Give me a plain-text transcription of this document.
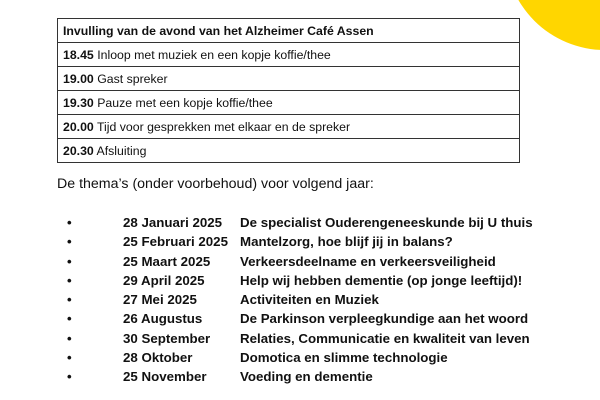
Invulling van de avond van het Alzheimer Café Assen
18.45 Inloop met muziek en een kopje koffie/thee
19.00 Gast spreker
19.30 Pauze met een kopje koffie/thee
20.00 Tijd voor gesprekken met elkaar en de spreker
20.30 Afsluiting
De thema’s (onder voorbehoud) voor volgend jaar:
•	28 Januari 2025 De specialist Ouderengeneeskunde bij U thuis
•	25 Februari 2025 Mantelzorg, hoe blijf jij in balans?
•	25 Maart 2025 Verkeersdeelname en verkeersveiligheid
•	29 April 2025	Help wij hebben dementie (op jonge leeftijd)!
•	27 Mei 2025	Activiteiten en Muziek
•	26 Augustus	De Parkinson verpleegkundige aan het woord
•	30 September Relaties, Communicatie en kwaliteit van leven
•	28 Oktober	Domotica en slimme technologie
•	25 November	Voeding en dementie
